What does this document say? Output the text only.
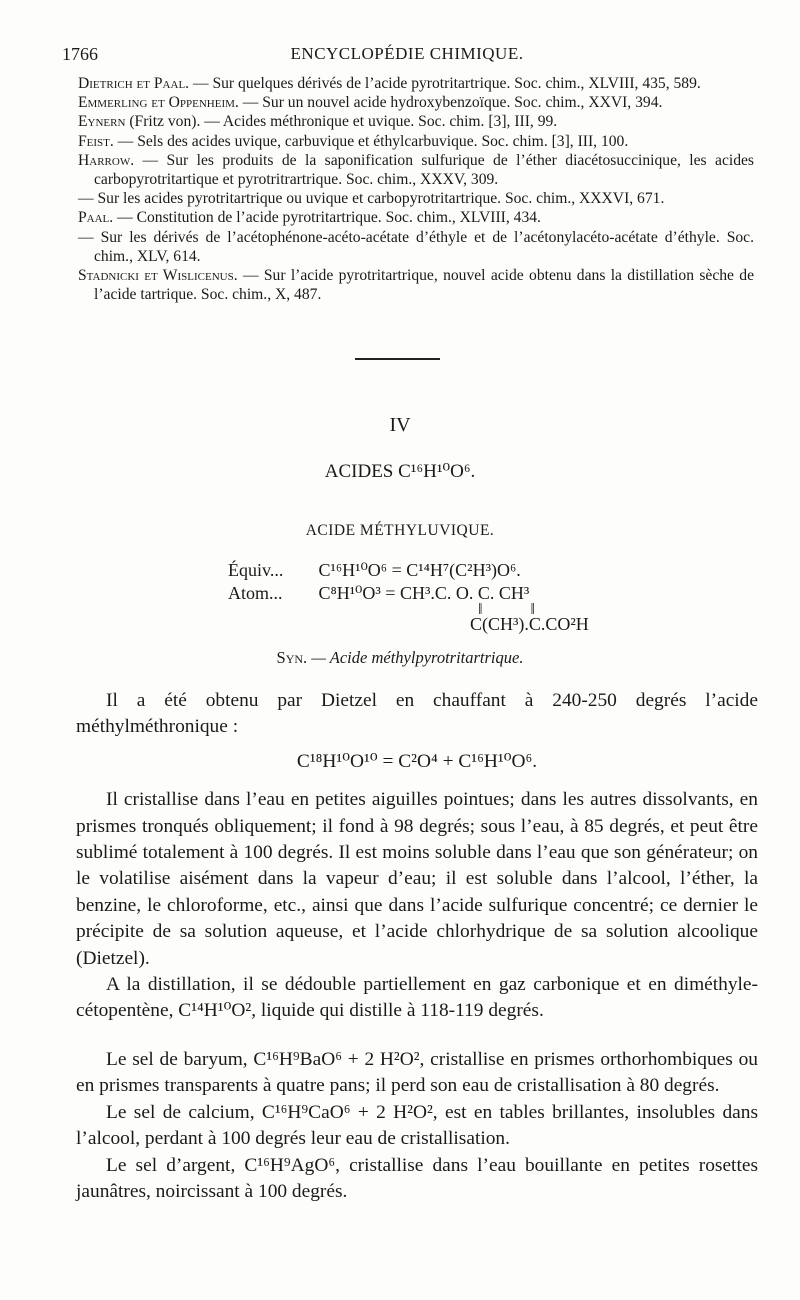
1766	ENCYCLOPÉDIE CHIMIQUE.
Dietrich et Paal. — Sur quelques dérivés de l’acide pyrotritartrique. Soc. chim., XLVIII, 435, 589.
Emmerling et Oppenheim. — Sur un nouvel acide hydroxybenzoïque. Soc. chim., XXVI, 394.
Eynern (Fritz von). — Acides méthronique et uvique. Soc. chim. [3], III, 99.
Feist. — Sels des acides uvique, carbuvique et éthylcarbuvique. Soc. chim. [3], III, 100.
Harrow. — Sur les produits de la saponification sulfurique de l’éther diacétosuccinique, les acides carbopyrotritartique et pyrotritrartrique. Soc. chim., XXXV, 309.
— Sur les acides pyrotritartrique ou uvique et carbopyrotritartrique. Soc. chim., XXXVI, 671.
Paal. — Constitution de l’acide pyrotritartrique. Soc. chim., XLVIII, 434.
— Sur les dérivés de l’acétophénone-acéto-acétate d’éthyle et de l’acétonylacéto-acétate d’éthyle. Soc. chim., XLV, 614.
Stadnicki et Wislicenus. — Sur l’acide pyrotritartrique, nouvel acide obtenu dans la distillation sèche de l’acide tartrique. Soc. chim., X, 487.
IV
ACIDES C¹⁶H¹⁰O⁶.
ACIDE MÉTHYLUVIQUE.
Équiv... C¹⁶H¹⁰O⁶ = C¹⁴H⁷(C²H³)O⁶.
Atom... C⁸H¹⁰O³ = CH³.C. O. C. CH³
‖            ‖
C(CH³).C.CO²H
Syn. — Acide méthylpyrotritartrique.

Il a été obtenu par Dietzel en chauffant à 240-250 degrés l’acide méthylméthronique :

C¹⁸H¹⁰O¹⁰ = C²O⁴ + C¹⁶H¹⁰O⁶.

Il cristallise dans l’eau en petites aiguilles pointues; dans les autres dissolvants, en prismes tronqués obliquement; il fond à 98 degrés; sous l’eau, à 85 degrés, et peut être sublimé totalement à 100 degrés. Il est moins soluble dans l’eau que son générateur; on le volatilise aisément dans la vapeur d’eau; il est soluble dans l’alcool, l’éther, la benzine, le chloroforme, etc., ainsi que dans l’acide sulfurique concentré; ce dernier le précipite de sa solution aqueuse, et l’acide chlorhydrique de sa solution alcoolique (Dietzel).

A la distillation, il se dédouble partiellement en gaz carbonique et en diméthyle-cétopentène, C¹⁴H¹⁰O², liquide qui distille à 118-119 degrés.

Le sel de baryum, C¹⁶H⁹BaO⁶ + 2 H²O², cristallise en prismes orthorhombiques ou en prismes transparents à quatre pans; il perd son eau de cristallisation à 80 degrés.

Le sel de calcium, C¹⁶H⁹CaO⁶ + 2 H²O², est en tables brillantes, insolubles dans l’alcool, perdant à 100 degrés leur eau de cristallisation.

Le sel d’argent, C¹⁶H⁹AgO⁶, cristallise dans l’eau bouillante en petites rosettes jaunâtres, noircissant à 100 degrés.
